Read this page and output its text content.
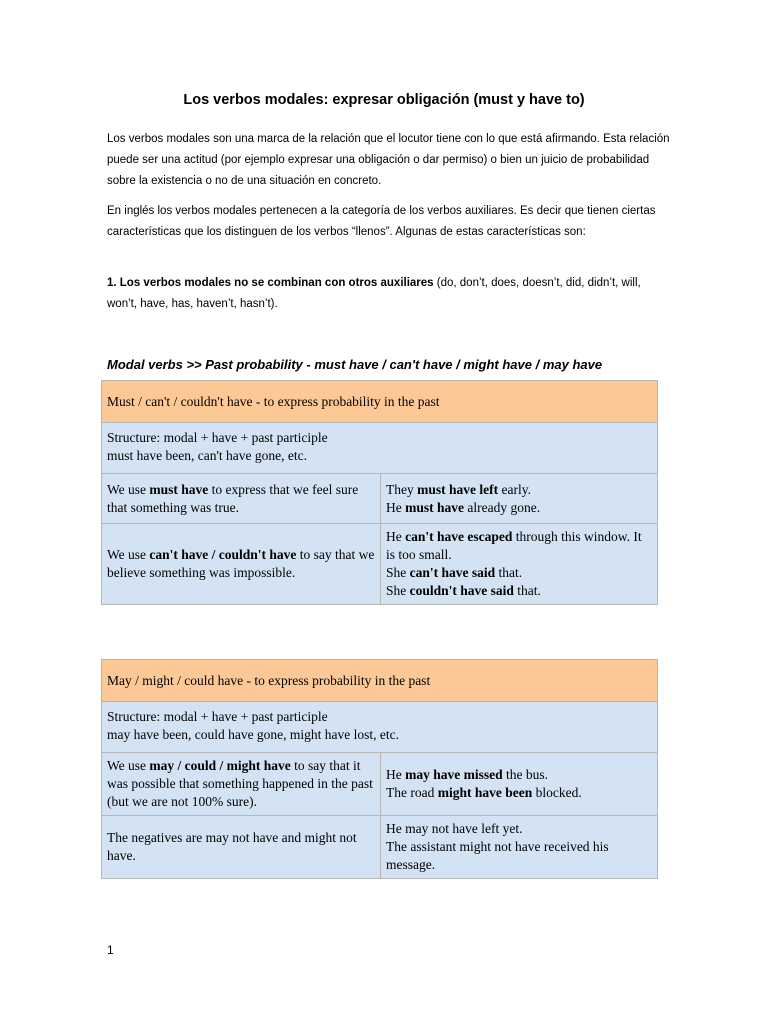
Los verbos modales: expresar obligación (must y have to)
Los verbos modales son una marca de la relación que el locutor tiene con lo que está afirmando. Esta relación puede ser una actitud (por ejemplo expresar una obligación o dar permiso) o bien un juicio de probabilidad sobre la existencia o no de una situación en concreto.
En inglés los verbos modales pertenecen a la categoría de los verbos auxiliares. Es decir que tienen ciertas características que los distinguen de los verbos “llenos”. Algunas de estas características son:
1. Los verbos modales no se combinan con otros auxiliares (do, don’t, does, doesn’t, did, didn’t, will, won’t, have, has, haven’t, hasn’t).
Modal verbs >> Past probability - must have / can't have / might have / may have
Must / can't / couldn't have - to express probability in the past	

Structure: modal + have + past participle
must have been, can't have gone, etc.	

We use must have to express that we feel sure that something was true.	They must have left early.
He must have already gone.

We use can't have / couldn't have to say that we believe something was impossible.	He can't have escaped through this window. It is too small.
She can't have said that.
She couldn't have said that.
May / might / could have - to express probability in the past	

Structure: modal + have + past participle
may have been, could have gone, might have lost, etc.	

We use may / could / might have to say that it was possible that something happened in the past (but we are not 100% sure).	He may have missed the bus.
The road might have been blocked.

The negatives are may not have and might not have.	He may not have left yet.
The assistant might not have received his message.
1
